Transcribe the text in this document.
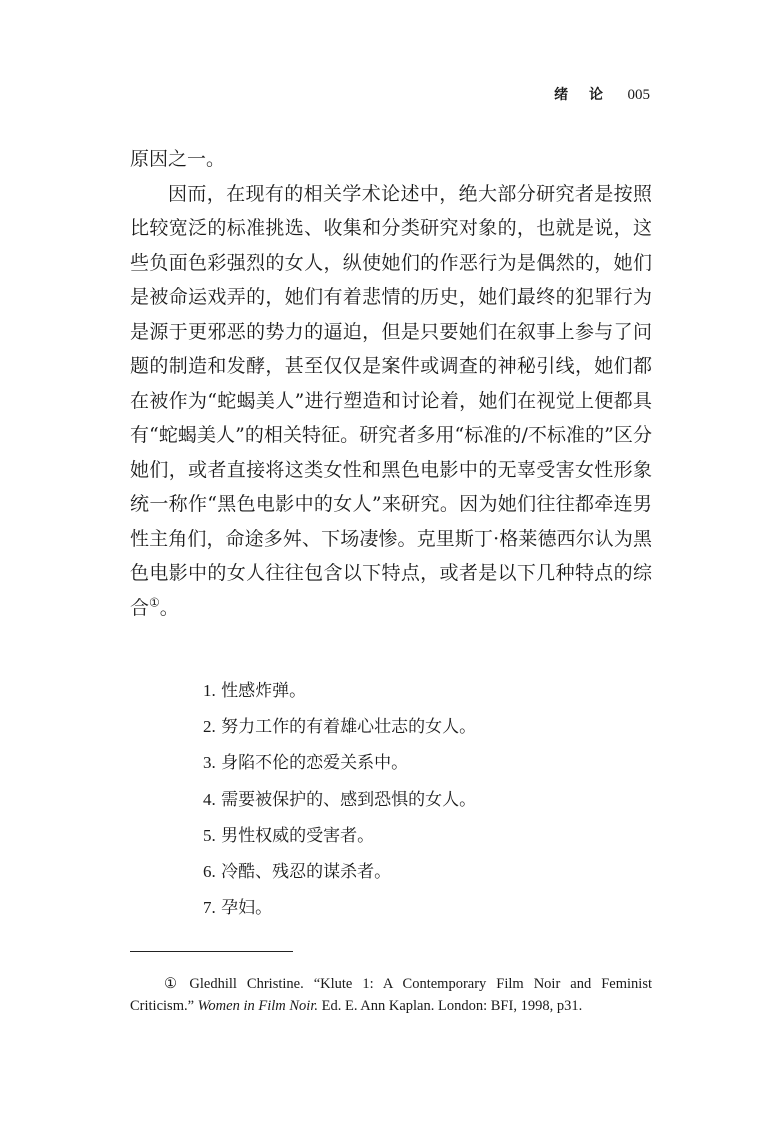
绪 论 005

原因之一。

因而，在现有的相关学术论述中，绝大部分研究者是按照比较宽泛的标准挑选、收集和分类研究对象的，也就是说，这些负面色彩强烈的女人，纵使她们的作恶行为是偶然的，她们是被命运戏弄的，她们有着悲情的历史，她们最终的犯罪行为是源于更邪恶的势力的逼迫，但是只要她们在叙事上参与了问题的制造和发酵，甚至仅仅是案件或调查的神秘引线，她们都在被作为“蛇蝎美人”进行塑造和讨论着，她们在视觉上便都具有“蛇蝎美人”的相关特征。研究者多用“标准的/不标准的”区分她们，或者直接将这类女性和黑色电影中的无辜受害女性形象统一称作“黑色电影中的女人”来研究。因为她们往往都牵连男性主角们，命途多舛、下场凄惨。克里斯丁·格莱德西尔认为黑色电影中的女人往往包含以下特点，或者是以下几种特点的综合①。

1. 性感炸弹。
2. 努力工作的有着雄心壮志的女人。
3. 身陷不伦的恋爱关系中。
4. 需要被保护的、感到恐惧的女人。
5. 男性权威的受害者。
6. 冷酷、残忍的谋杀者。
7. 孕妇。
① Gledhill Christine. “Klute 1: A Contemporary Film Noir and Feminist Criticism.” Women in Film Noir. Ed. E. Ann Kaplan. London: BFI, 1998, p31.
